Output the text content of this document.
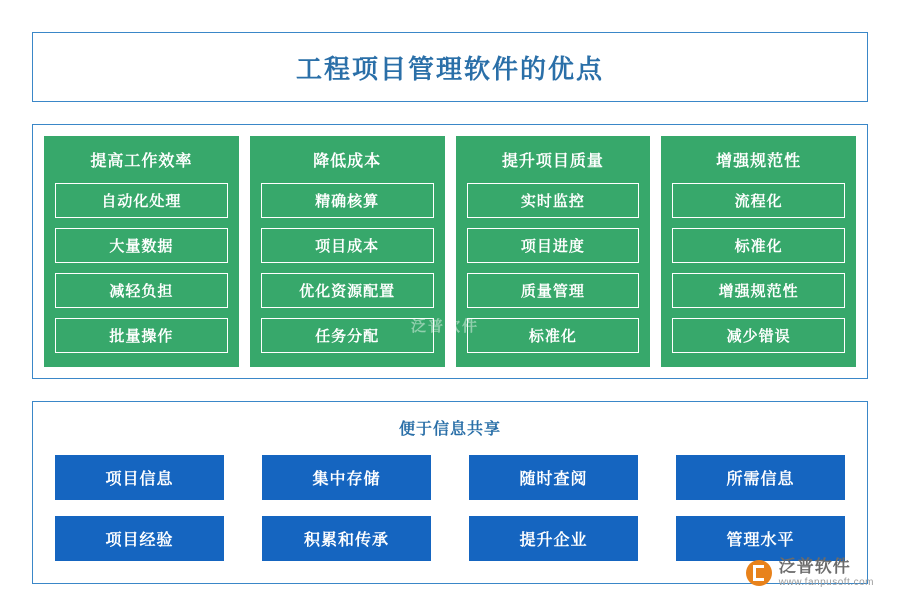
工程项目管理软件的优点
提高工作效率
自动化处理
大量数据
减轻负担
批量操作
降低成本
精确核算
项目成本
优化资源配置
任务分配
提升项目质量
实时监控
项目进度
质量管理
标准化
增强规范性
流程化
标准化
增强规范性
减少错误
泛普软件
便于信息共享
项目信息	集中存储	随时查阅	所需信息
项目经验	积累和传承	提升企业	管理水平
泛普软件
www.fanpusoft.com
